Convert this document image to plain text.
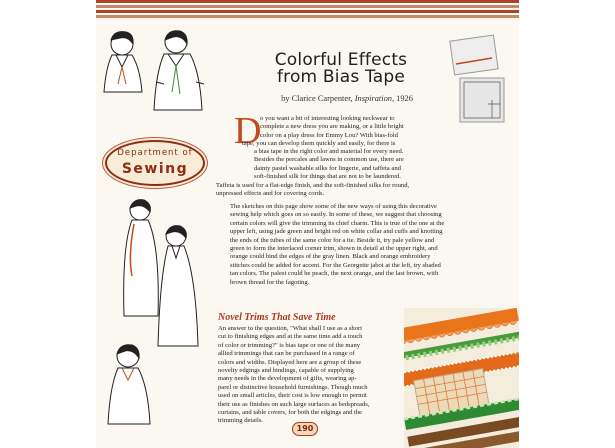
Colorful Effects
from Bias Tape
by Clarice Carpenter, Inspiration, 1926
Department of
Sewing
D
o you want a bit of interesting looking neckwear to
complete a new dress you are making, or a little bright
color on a play dress for Emmy Lou? With bias-fold
tape, you can develop them quickly and easily, for there is
a bias tape in the right color and material for every need.
Besides the percales and lawns in common use, there are
dainty pastel washable silks for lingerie, and taffeta and
soft-finished silk for things that are not to be laundered.
Taffeta is used for a flat-edge finish, and the soft-finished silks for round,
unpressed effects and for covering cords.
The sketches on this page show some of the new ways of using this decorative
sewing help which goes on so easily. In some of these, we suggest that choosing
certain colors will give the trimming its chief charm. This is true of the one at the
upper left, using jade green and bright red on white collar and cuffs and knotting
the ends of the tubes of the same color for a tie. Beside it, try pale yellow and
green to form the interlaced corner trim, shown in detail at the upper right, and
orange could bind the edges of the gray linen. Black and orange embroidery
stitches could be added for accent. For the Georgette jabot at the left, try shaded
tan colors. The palest could be peach, the next orange, and the last brown, with
brown thread for the fagoting.
Novel Trims That Save Time
An answer to the question, "What shall I use as a short
cut to finishing edges and at the same time add a touch
of color or trimming?" is bias tape or one of the many
allied trimmings that can be purchased in a range of
colors and widths. Displayed here are a group of these
novelty edgings and bindings, capable of supplying
many needs in the development of gifts, wearing ap-
parel or distinctive household furnishings. Though much
used on small articles, their cost is low enough to permit
their use as finishes on such large surfaces as bedspreads,
curtains, and table covers, for both the edgings and the
trimming details.
190
